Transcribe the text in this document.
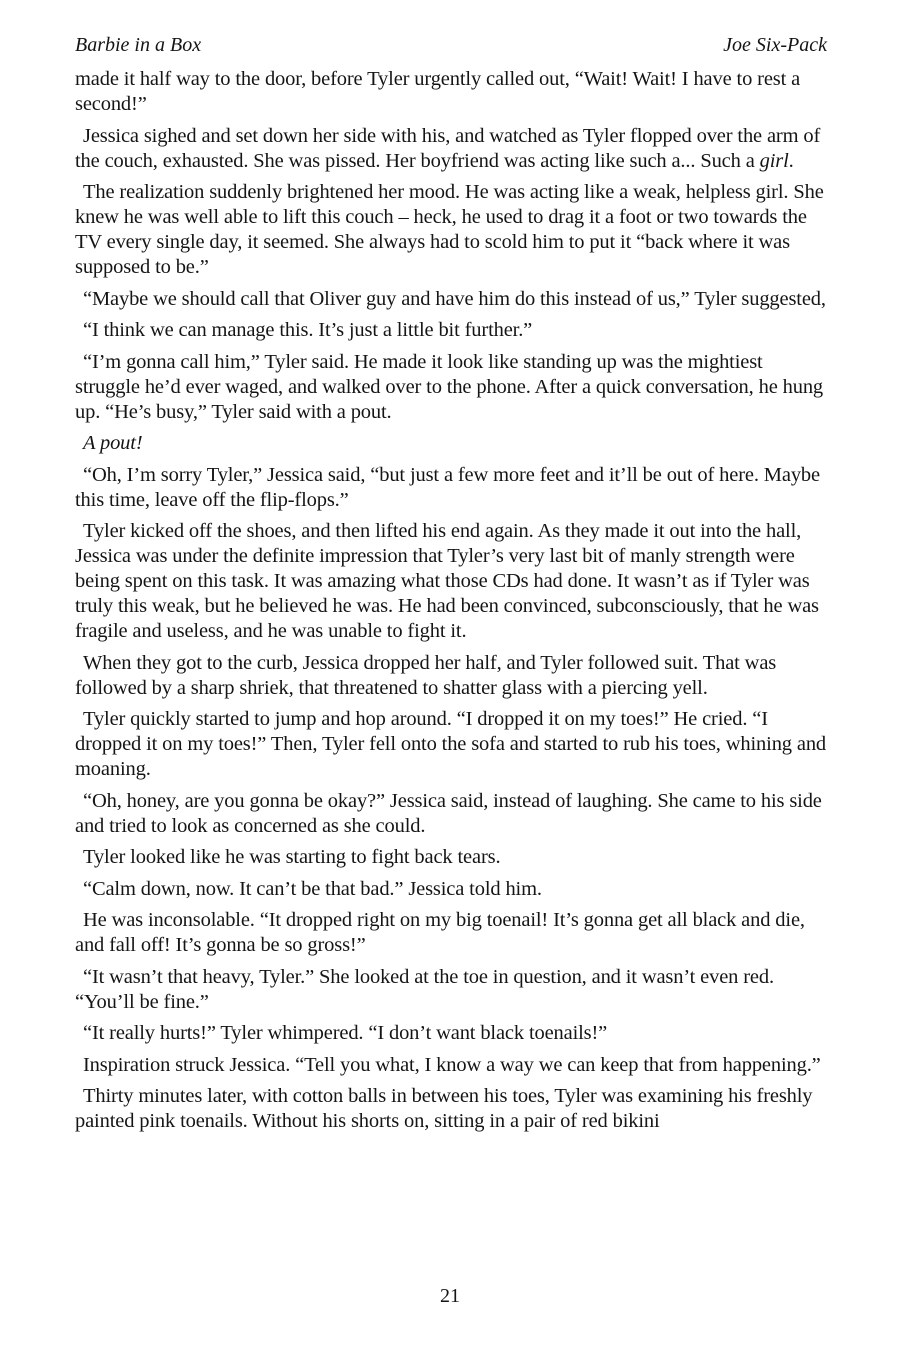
Barbie in a Box	Joe Six-Pack

made it half way to the door, before Tyler urgently called out, “Wait! Wait! I have to rest a second!”

Jessica sighed and set down her side with his, and watched as Tyler flopped over the arm of the couch, exhausted. She was pissed. Her boyfriend was acting like such a... Such a girl.

The realization suddenly brightened her mood. He was acting like a weak, helpless girl. She knew he was well able to lift this couch – heck, he used to drag it a foot or two towards the TV every single day, it seemed. She always had to scold him to put it “back where it was supposed to be.”

“Maybe we should call that Oliver guy and have him do this instead of us,” Tyler suggested,

“I think we can manage this. It’s just a little bit further.”

“I’m gonna call him,” Tyler said. He made it look like standing up was the mightiest struggle he’d ever waged, and walked over to the phone. After a quick conversation, he hung up. “He’s busy,” Tyler said with a pout.

A pout!

“Oh, I’m sorry Tyler,” Jessica said, “but just a few more feet and it’ll be out of here. Maybe this time, leave off the flip-flops.”

Tyler kicked off the shoes, and then lifted his end again. As they made it out into the hall, Jessica was under the definite impression that Tyler’s very last bit of manly strength were being spent on this task. It was amazing what those CDs had done. It wasn’t as if Tyler was truly this weak, but he believed he was. He had been convinced, subconsciously, that he was fragile and useless, and he was unable to fight it.

When they got to the curb, Jessica dropped her half, and Tyler followed suit. That was followed by a sharp shriek, that threatened to shatter glass with a piercing yell.

Tyler quickly started to jump and hop around. “I dropped it on my toes!” He cried. “I dropped it on my toes!” Then, Tyler fell onto the sofa and started to rub his toes, whining and moaning.

“Oh, honey, are you gonna be okay?” Jessica said, instead of laughing. She came to his side and tried to look as concerned as she could.

Tyler looked like he was starting to fight back tears.

“Calm down, now. It can’t be that bad.” Jessica told him.

He was inconsolable. “It dropped right on my big toenail! It’s gonna get all black and die, and fall off! It’s gonna be so gross!”

“It wasn’t that heavy, Tyler.” She looked at the toe in question, and it wasn’t even red. “You’ll be fine.”

“It really hurts!” Tyler whimpered. “I don’t want black toenails!”

Inspiration struck Jessica. “Tell you what, I know a way we can keep that from happening.”

Thirty minutes later, with cotton balls in between his toes, Tyler was examining his freshly painted pink toenails. Without his shorts on, sitting in a pair of red bikini

21
